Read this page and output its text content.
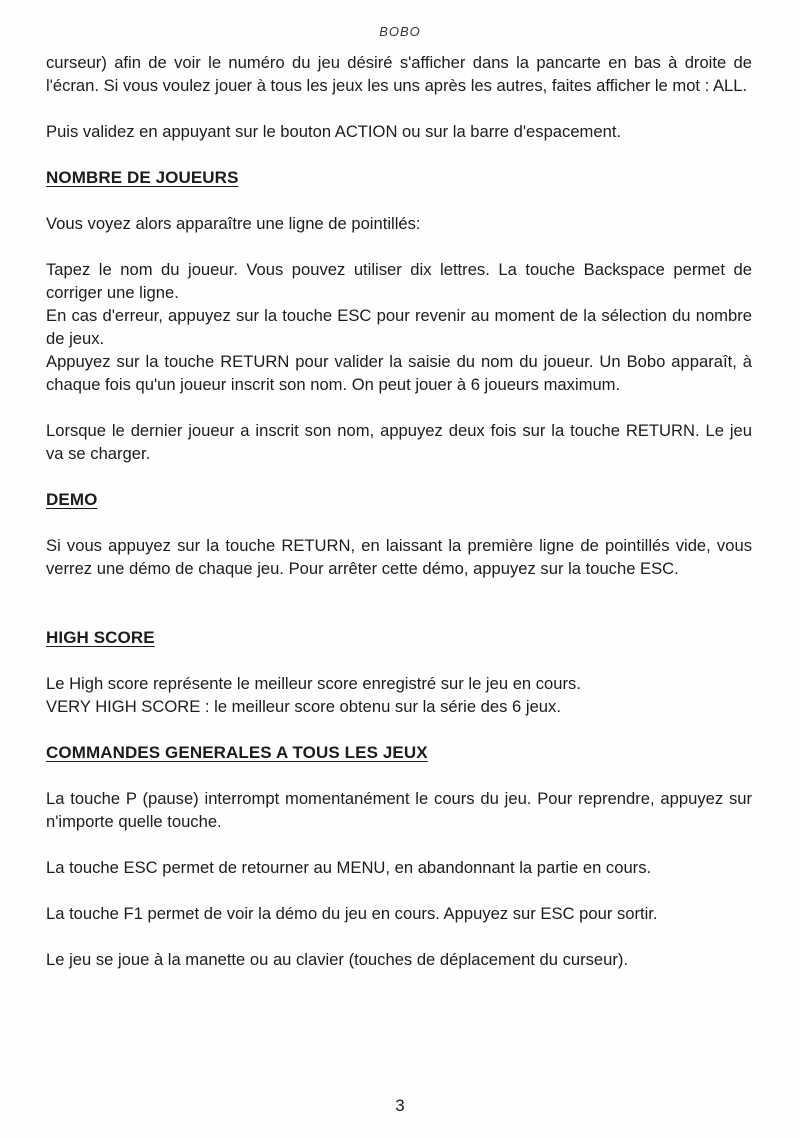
BOBO

curseur) afin de voir le numéro du jeu désiré s'afficher dans la pancarte en bas à droite de l'écran. Si vous voulez jouer à tous les jeux les uns après les autres, faites afficher le mot : ALL.

Puis validez en appuyant sur le bouton ACTION ou sur la barre d'espacement.

NOMBRE DE JOUEURS

Vous voyez alors apparaître une ligne de pointillés:

Tapez le nom du joueur. Vous pouvez utiliser dix lettres. La touche Backspace permet de corriger une ligne.

En cas d'erreur, appuyez sur la touche ESC pour revenir au moment de la sélection du nombre de jeux.

Appuyez sur la touche RETURN pour valider la saisie du nom du joueur. Un Bobo apparaît, à chaque fois qu'un joueur inscrit son nom. On peut jouer à 6 joueurs maximum.

Lorsque le dernier joueur a inscrit son nom, appuyez deux fois sur la touche RETURN. Le jeu va se charger.

DEMO

Si vous appuyez sur la touche RETURN, en laissant la première ligne de pointillés vide, vous verrez une démo de chaque jeu. Pour arrêter cette démo, appuyez sur la touche ESC.

HIGH SCORE

Le High score représente le meilleur score enregistré sur le jeu en cours.

VERY HIGH SCORE : le meilleur score obtenu sur la série des 6 jeux.

COMMANDES GENERALES A TOUS LES JEUX

La touche P (pause) interrompt momentanément le cours du jeu. Pour reprendre, appuyez sur n'importe quelle touche.

La touche ESC permet de retourner au MENU, en abandonnant la partie en cours.

La touche F1 permet de voir la démo du jeu en cours. Appuyez sur ESC pour sortir.

Le jeu se joue à la manette ou au clavier (touches de déplacement du curseur).

3
